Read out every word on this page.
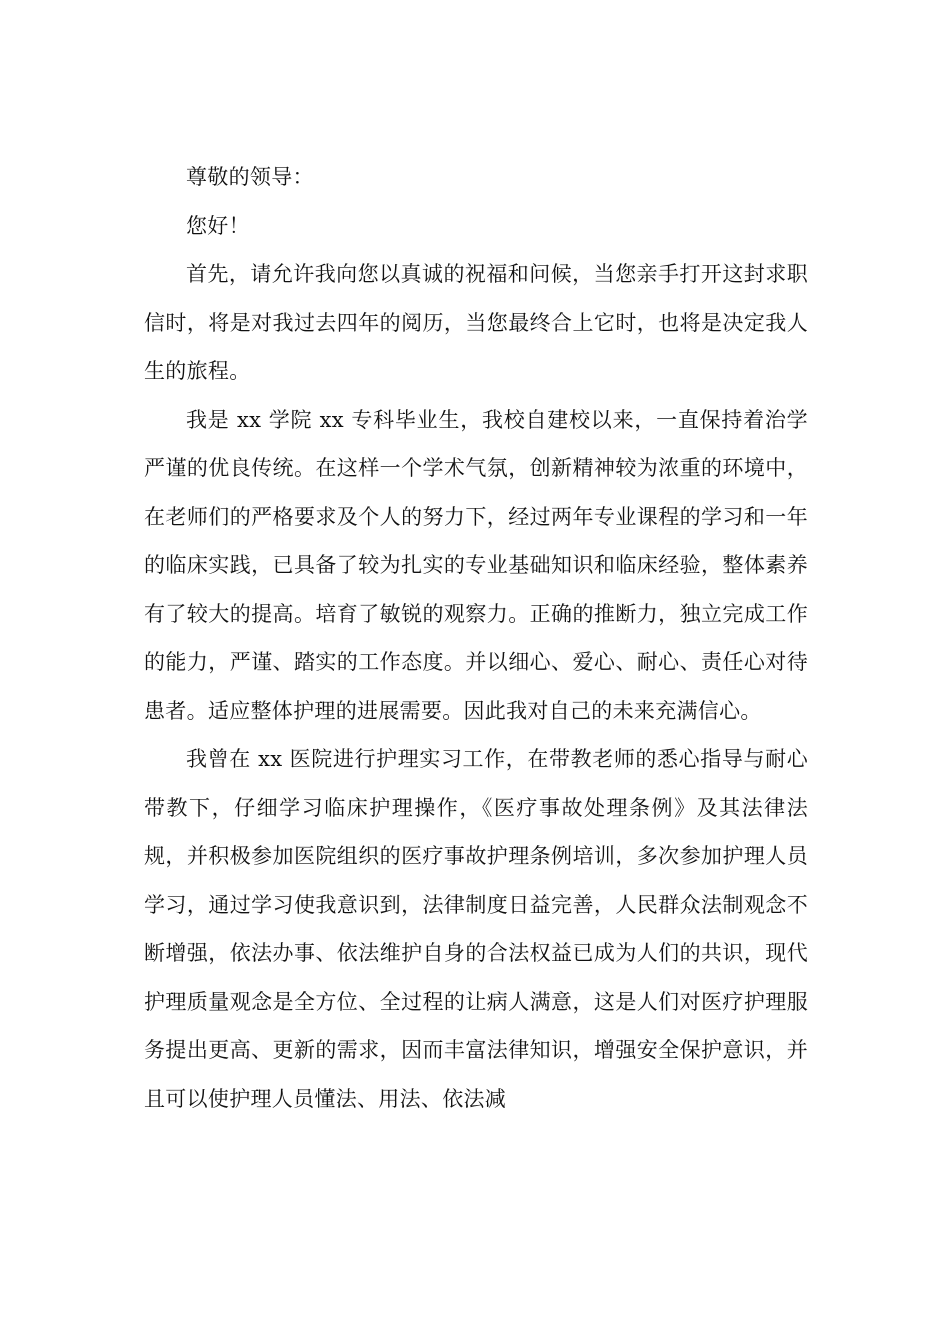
尊敬的领导：

您好！

首先，请允许我向您以真诚的祝福和问候，当您亲手打开这封求职信时，将是对我过去四年的阅历，当您最终合上它时，也将是决定我人生的旅程。

我是 xx 学院 xx 专科毕业生，我校自建校以来，一直保持着治学严谨的优良传统。在这样一个学术气氛，创新精神较为浓重的环境中，在老师们的严格要求及个人的努力下，经过两年专业课程的学习和一年的临床实践，已具备了较为扎实的专业基础知识和临床经验，整体素养有了较大的提高。培育了敏锐的观察力。正确的推断力，独立完成工作的能力，严谨、踏实的工作态度。并以细心、爱心、耐心、责任心对待患者。适应整体护理的进展需要。因此我对自己的未来充满信心。

我曾在 xx 医院进行护理实习工作，在带教老师的悉心指导与耐心带教下，仔细学习临床护理操作，《医疗事故处理条例》及其法律法规，并积极参加医院组织的医疗事故护理条例培训，多次参加护理人员学习，通过学习使我意识到，法律制度日益完善，人民群众法制观念不断增强，依法办事、依法维护自身的合法权益已成为人们的共识，现代护理质量观念是全方位、全过程的让病人满意，这是人们对医疗护理服务提出更高、更新的需求，因而丰富法律知识，增强安全保护意识，并且可以使护理人员懂法、用法、依法减
